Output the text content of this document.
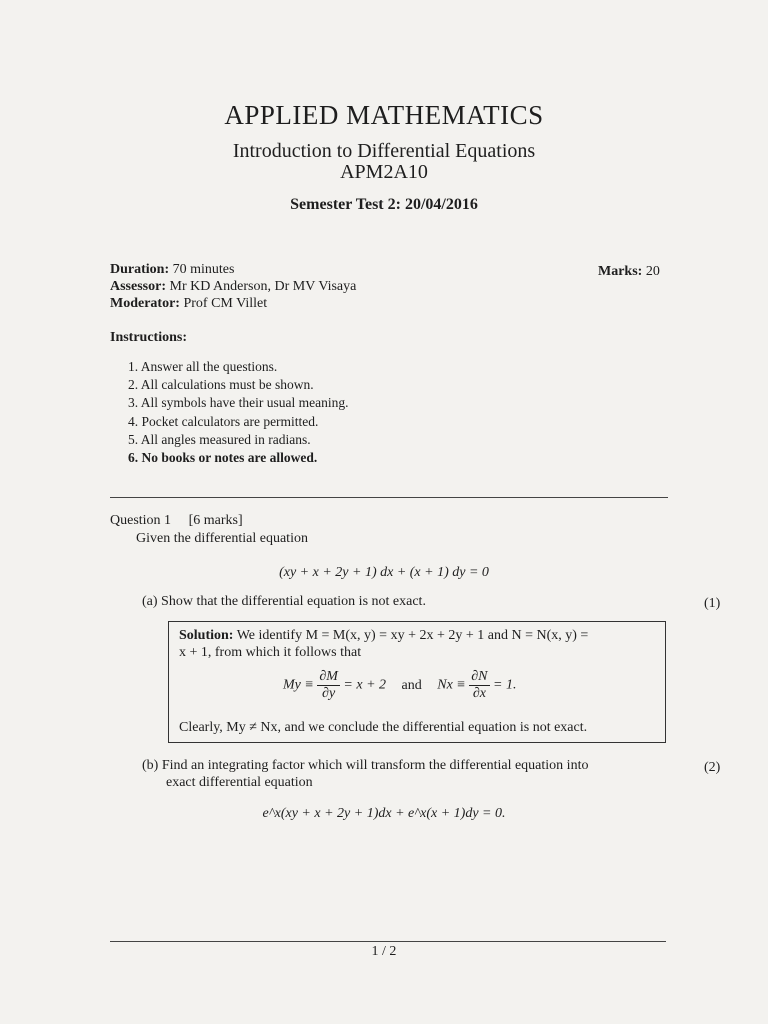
APPLIED MATHEMATICS
Introduction to Differential Equations
APM2A10
Semester Test 2: 20/04/2016
Duration: 70 minutes
Assessor: Mr KD Anderson, Dr MV Visaya
Moderator: Prof CM Villet
Marks: 20
Instructions:
1. Answer all the questions.
2. All calculations must be shown.
3. All symbols have their usual meaning.
4. Pocket calculators are permitted.
5. All angles measured in radians.
6. No books or notes are allowed.
Question 1 [6 marks]
Given the differential equation
(xy + x + 2y + 1) dx + (x + 1) dy = 0
(a) Show that the differential equation is not exact.	(1)
Solution: We identify M = M(x, y) = xy + 2x + 2y + 1 and N = N(x, y) =
x + 1, from which it follows that
$My \equiv \frac{\partial M}{\partial y} = x + 2$ and $Nx \equiv \frac{\partial N}{\partial x} = 1$.
Clearly, My ≠ Nx, and we conclude the differential equation is not exact.
(b) Find an integrating factor which will transform the differential equation into
exact differential equation
(2)
e^x(xy + x + 2y + 1)dx + e^x(x + 1)dy = 0.
1 / 2
